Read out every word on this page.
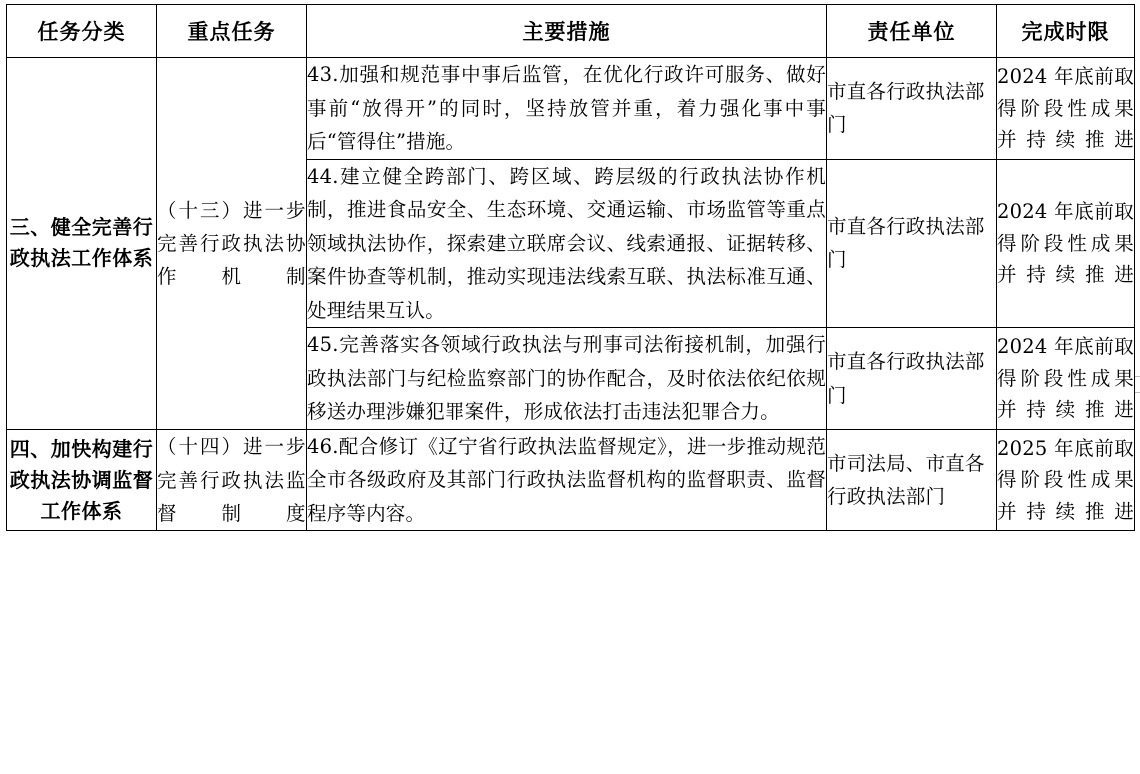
任务分类	重点任务	主要措施	责任单位	完成时限
三、健全完善行政执法工作体系	（十三）进一步完善行政执法协作机制	43.加强和规范事中事后监管，在优化行政许可服务、做好事前“放得开”的同时，坚持放管并重，着力强化事中事后“管得住”措施。	市直各行政执法部门	2024 年底前取得阶段性成果并持续推进
		44.建立健全跨部门、跨区域、跨层级的行政执法协作机制，推进食品安全、生态环境、交通运输、市场监管等重点领域执法协作，探索建立联席会议、线索通报、证据转移、案件协查等机制，推动实现违法线索互联、执法标准互通、处理结果互认。	市直各行政执法部门	2024 年底前取得阶段性成果并持续推进
		45.完善落实各领域行政执法与刑事司法衔接机制，加强行政执法部门与纪检监察部门的协作配合，及时依法依纪依规移送办理涉嫌犯罪案件，形成依法打击违法犯罪合力。	市直各行政执法部门	2024 年底前取得阶段性成果并持续推进
四、加快构建行政执法协调监督工作体系	（十四）进一步完善行政执法监督制度	46.配合修订《辽宁省行政执法监督规定》，进一步推动规范全市各级政府及其部门行政执法监督机构的监督职责、监督程序等内容。	市司法局、市直各行政执法部门	2025 年底前取得阶段性成果并持续推进
